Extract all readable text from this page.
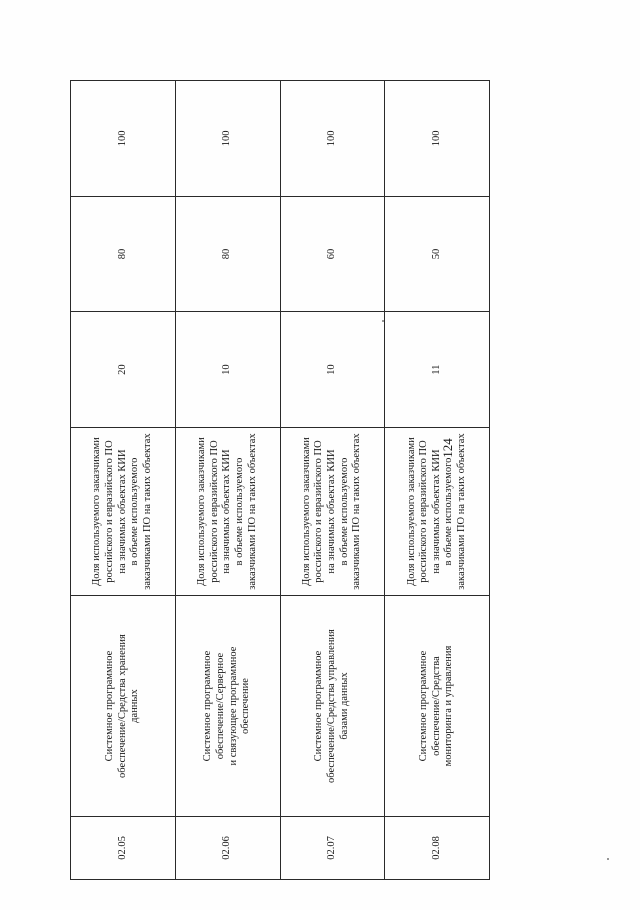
02.05	Системное программное
обеспечение/Средства хранения
данных	Доля используемого заказчиками
российского и евразийского ПО
на значимых объектах КИИ
в объеме используемого
заказчиками ПО на таких объектах	20	80	100
02.06	Системное программное
обеспечение/Серверное
и связующее программное
обеспечение	Доля используемого заказчиками
российского и евразийского ПО
на значимых объектах КИИ
в объеме используемого
заказчиками ПО на таких объектах	10	80	100
02.07	Системное программное
обеспечение/Средства управления
базами данных	Доля используемого заказчиками
российского и евразийского ПО
на значимых объектах КИИ
в объеме используемого
заказчиками ПО на таких объектах	10	60	100
02.08	Системное программное
обеспечение/Средства
мониторинга и управления	Доля используемого заказчиками
российского и евразийского ПО
на значимых объектах КИИ
в объеме используемого
заказчиками ПО на таких объектах	11	50	100
124
